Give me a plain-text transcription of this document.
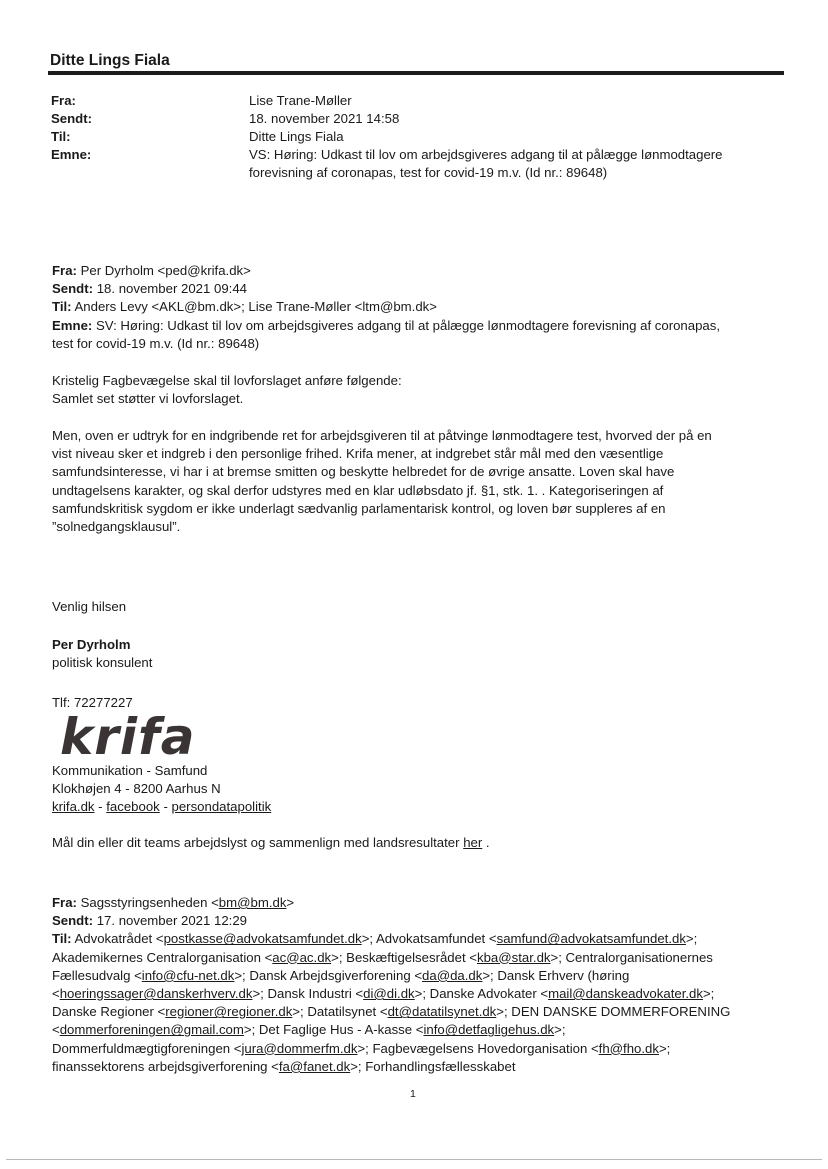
Ditte Lings Fiala
Fra:	Lise Trane-Møller
Sendt:	18. november 2021 14:58
Til:	Ditte Lings Fiala
Emne:	VS: Høring: Udkast til lov om arbejdsgiveres adgang til at pålægge lønmodtagere
forevisning af coronapas, test for covid-19 m.v. (Id nr.: 89648)
Fra: Per Dyrholm <ped@krifa.dk>
Sendt: 18. november 2021 09:44
Til: Anders Levy <AKL@bm.dk>; Lise Trane-Møller <ltm@bm.dk>
Emne: SV: Høring: Udkast til lov om arbejdsgiveres adgang til at pålægge lønmodtagere forevisning af coronapas,
test for covid-19 m.v. (Id nr.: 89648)

Kristelig Fagbevægelse skal til lovforslaget anføre følgende:

Samlet set støtter vi lovforslaget.

Men, oven er udtryk for en indgribende ret for arbejdsgiveren til at påtvinge lønmodtagere test, hvorved der på en

vist niveau sker et indgreb i den personlige frihed. Krifa mener, at indgrebet står mål med den væsentlige

samfundsinteresse, vi har i at bremse smitten og beskytte helbredet for de øvrige ansatte. Loven skal have

undtagelsens karakter, og skal derfor udstyres med en klar udløbsdato jf. §1, stk. 1. . Kategoriseringen af

samfundskritisk sygdom er ikke underlagt sædvanlig parlamentarisk kontrol, og loven bør suppleres af en

”solnedgangsklausul”.

Venlig hilsen

Per Dyrholm

politisk konsulent

Tlf: 72277227
krifa

Kommunikation - Samfund

Klokhøjen 4 - 8200 Aarhus N

krifa.dk - facebook - persondatapolitik

Mål din eller dit teams arbejdslyst og sammenlign med landsresultater her .
Fra: Sagsstyringsenheden <bm@bm.dk>
Sendt: 17. november 2021 12:29
Til: Advokatrådet <postkasse@advokatsamfundet.dk>; Advokatsamfundet <samfund@advokatsamfundet.dk>;
Akademikernes Centralorganisation <ac@ac.dk>; Beskæftigelsesrådet <kba@star.dk>; Centralorganisationernes
Fællesudvalg <info@cfu-net.dk>; Dansk Arbejdsgiverforening <da@da.dk>; Dansk Erhverv (høring
<hoeringssager@danskerhverv.dk>; Dansk Industri <di@di.dk>; Danske Advokater <mail@danskeadvokater.dk>;
Danske Regioner <regioner@regioner.dk>; Datatilsynet <dt@datatilsynet.dk>; DEN DANSKE DOMMERFORENING
<dommerforeningen@gmail.com>; Det Faglige Hus - A-kasse <info@detfagligehus.dk>;
Dommerfuldmægtigforeningen <jura@dommerfm.dk>; Fagbevægelsens Hovedorganisation <fh@fho.dk>;
finanssektorens arbejdsgiverforening <fa@fanet.dk>; Forhandlingsfællesskabet
1
